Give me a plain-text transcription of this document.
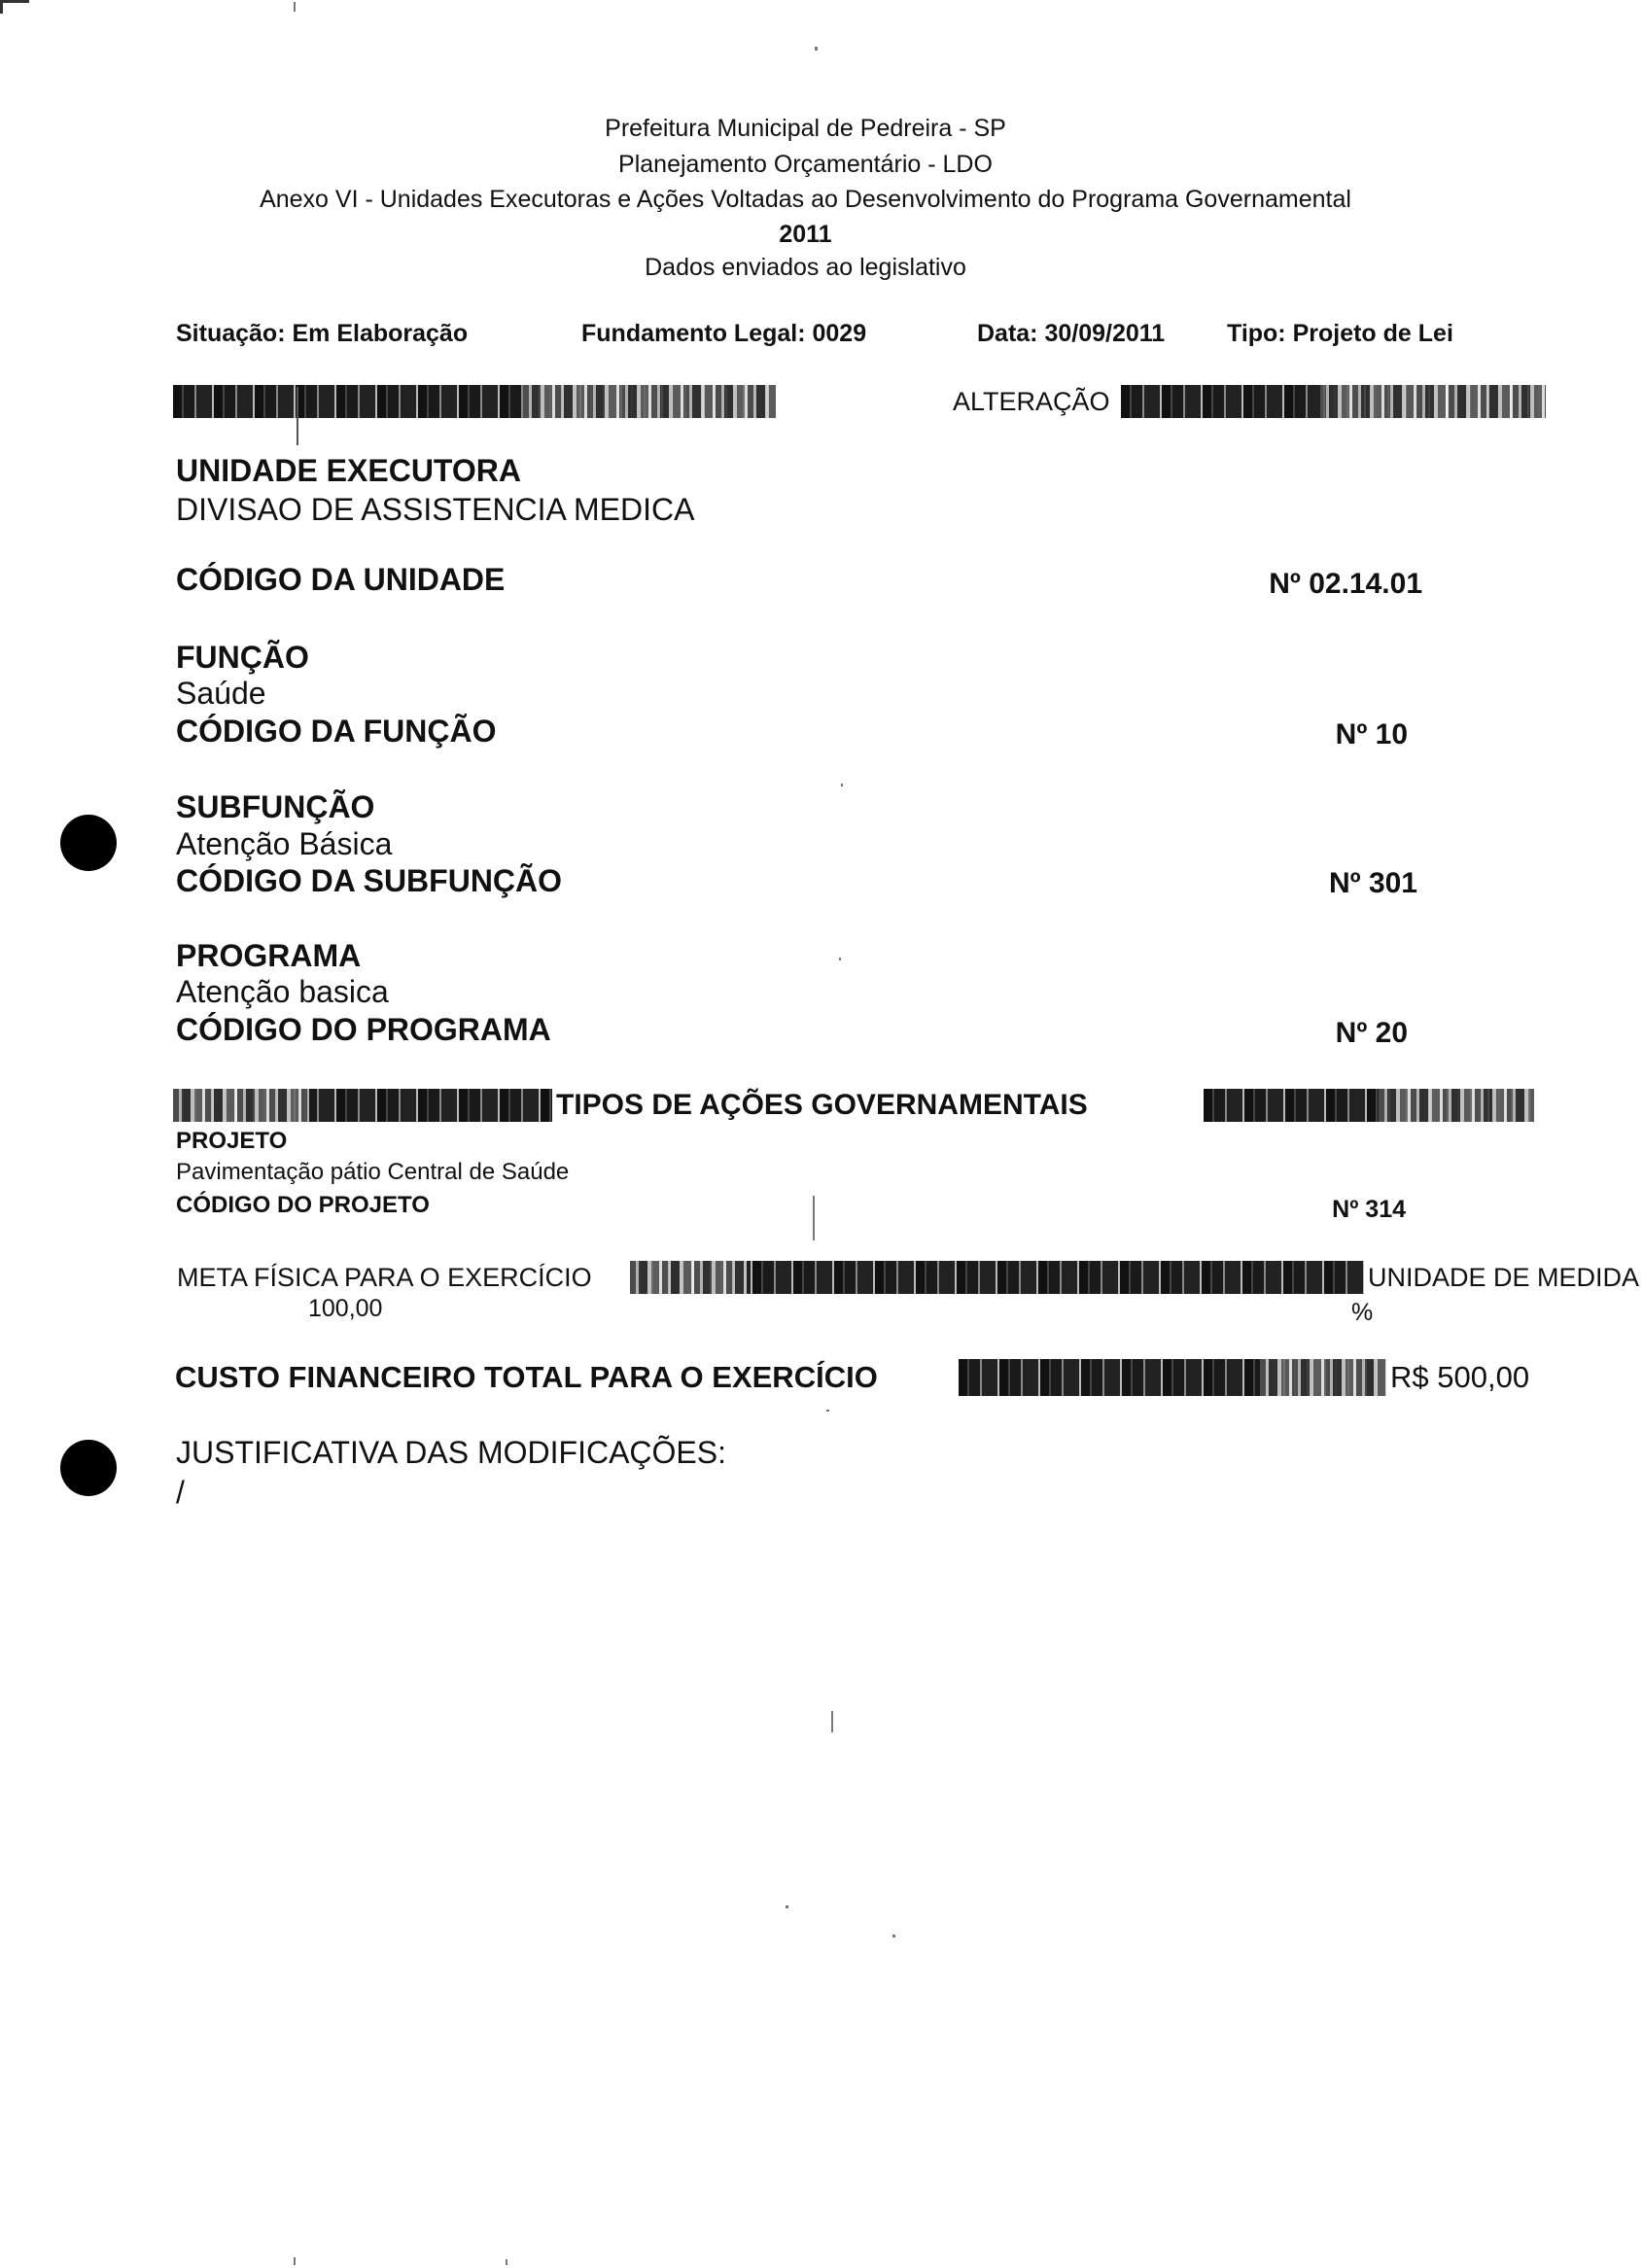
Prefeitura Municipal de Pedreira - SP
Planejamento Orçamentário - LDO
Anexo VI - Unidades Executoras e Ações Voltadas ao Desenvolvimento do Programa Governamental
2011
Dados enviados ao legislativo
Situação: Em Elaboração	Fundamento Legal: 0029	Data: 30/09/2011	Tipo: Projeto de Lei
ALTERAÇÃO
UNIDADE EXECUTORA
DIVISAO DE ASSISTENCIA MEDICA
CÓDIGO DA UNIDADE	Nº 02.14.01
FUNÇÃO
Saúde
CÓDIGO DA FUNÇÃO	Nº 10
SUBFUNÇÃO
Atenção Básica
CÓDIGO DA SUBFUNÇÃO	Nº 301
PROGRAMA
Atenção basica
CÓDIGO DO PROGRAMA	Nº 20
TIPOS DE AÇÕES GOVERNAMENTAIS
PROJETO
Pavimentação pátio Central de Saúde
CÓDIGO DO PROJETO	Nº 314
META FÍSICA PARA O EXERCÍCIO	UNIDADE DE MEDIDA
100,00	%
CUSTO FINANCEIRO TOTAL PARA O EXERCÍCIO	R$ 500,00
JUSTIFICATIVA DAS MODIFICAÇÕES:
/
